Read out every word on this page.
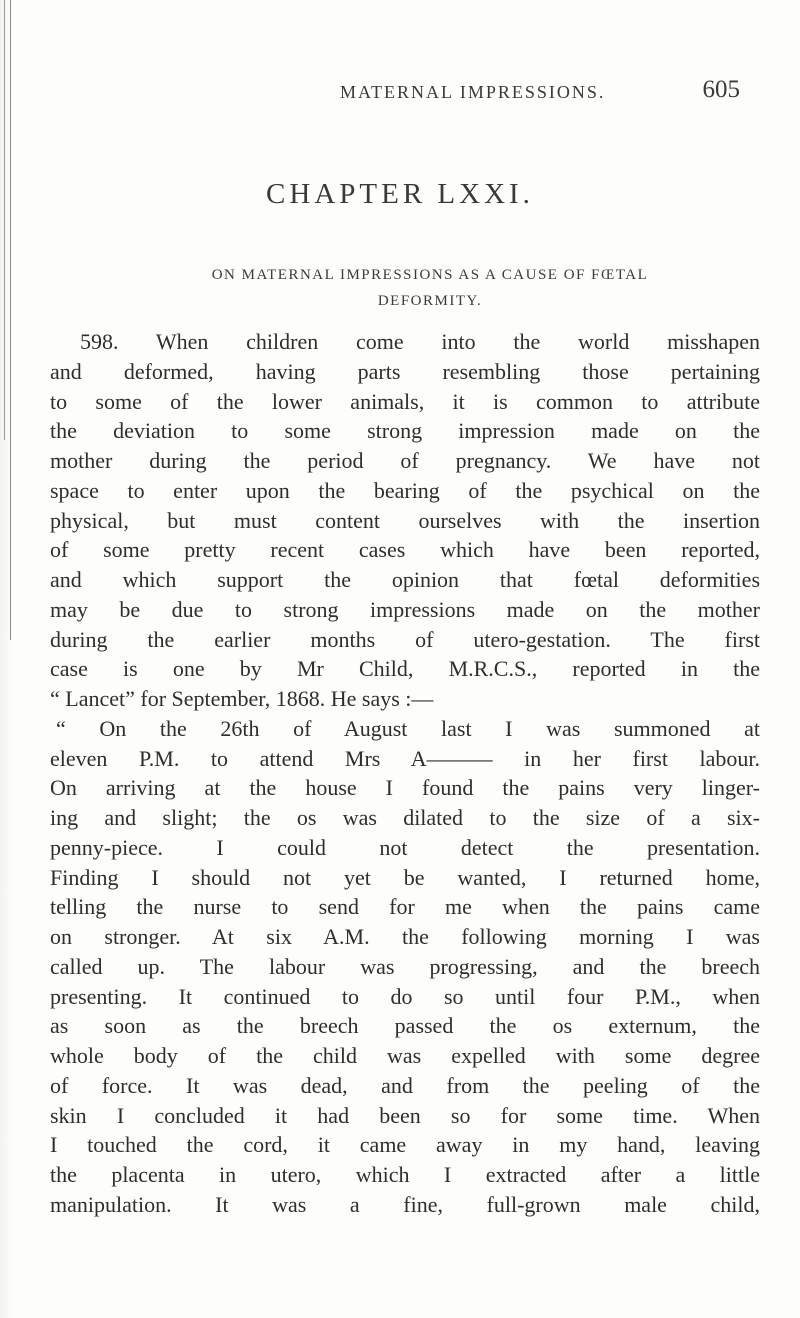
MATERNAL IMPRESSIONS.	605
CHAPTER LXXI.
ON MATERNAL IMPRESSIONS AS A CAUSE OF FŒTAL
DEFORMITY.
598. When children come into the world misshapen
and deformed, having parts resembling those pertaining
to some of the lower animals, it is common to attribute
the deviation to some strong impression made on the
mother during the period of pregnancy. We have not
space to enter upon the bearing of the psychical on the
physical, but must content ourselves with the insertion
of some pretty recent cases which have been reported,
and which support the opinion that fœtal deformities
may be due to strong impressions made on the mother
during the earlier months of utero-gestation. The first
case is one by Mr Child, M.R.C.S., reported in the
“ Lancet” for September, 1868. He says :—
“ On the 26th of August last I was summoned at
eleven P.M. to attend Mrs A——— in her first labour.
On arriving at the house I found the pains very linger-
ing and slight; the os was dilated to the size of a six-
penny-piece. I could not detect the presentation.
Finding I should not yet be wanted, I returned home,
telling the nurse to send for me when the pains came
on stronger. At six A.M. the following morning I was
called up. The labour was progressing, and the breech
presenting. It continued to do so until four P.M., when
as soon as the breech passed the os externum, the
whole body of the child was expelled with some degree
of force. It was dead, and from the peeling of the
skin I concluded it had been so for some time. When
I touched the cord, it came away in my hand, leaving
the placenta in utero, which I extracted after a little
manipulation. It was a fine, full-grown male child,
